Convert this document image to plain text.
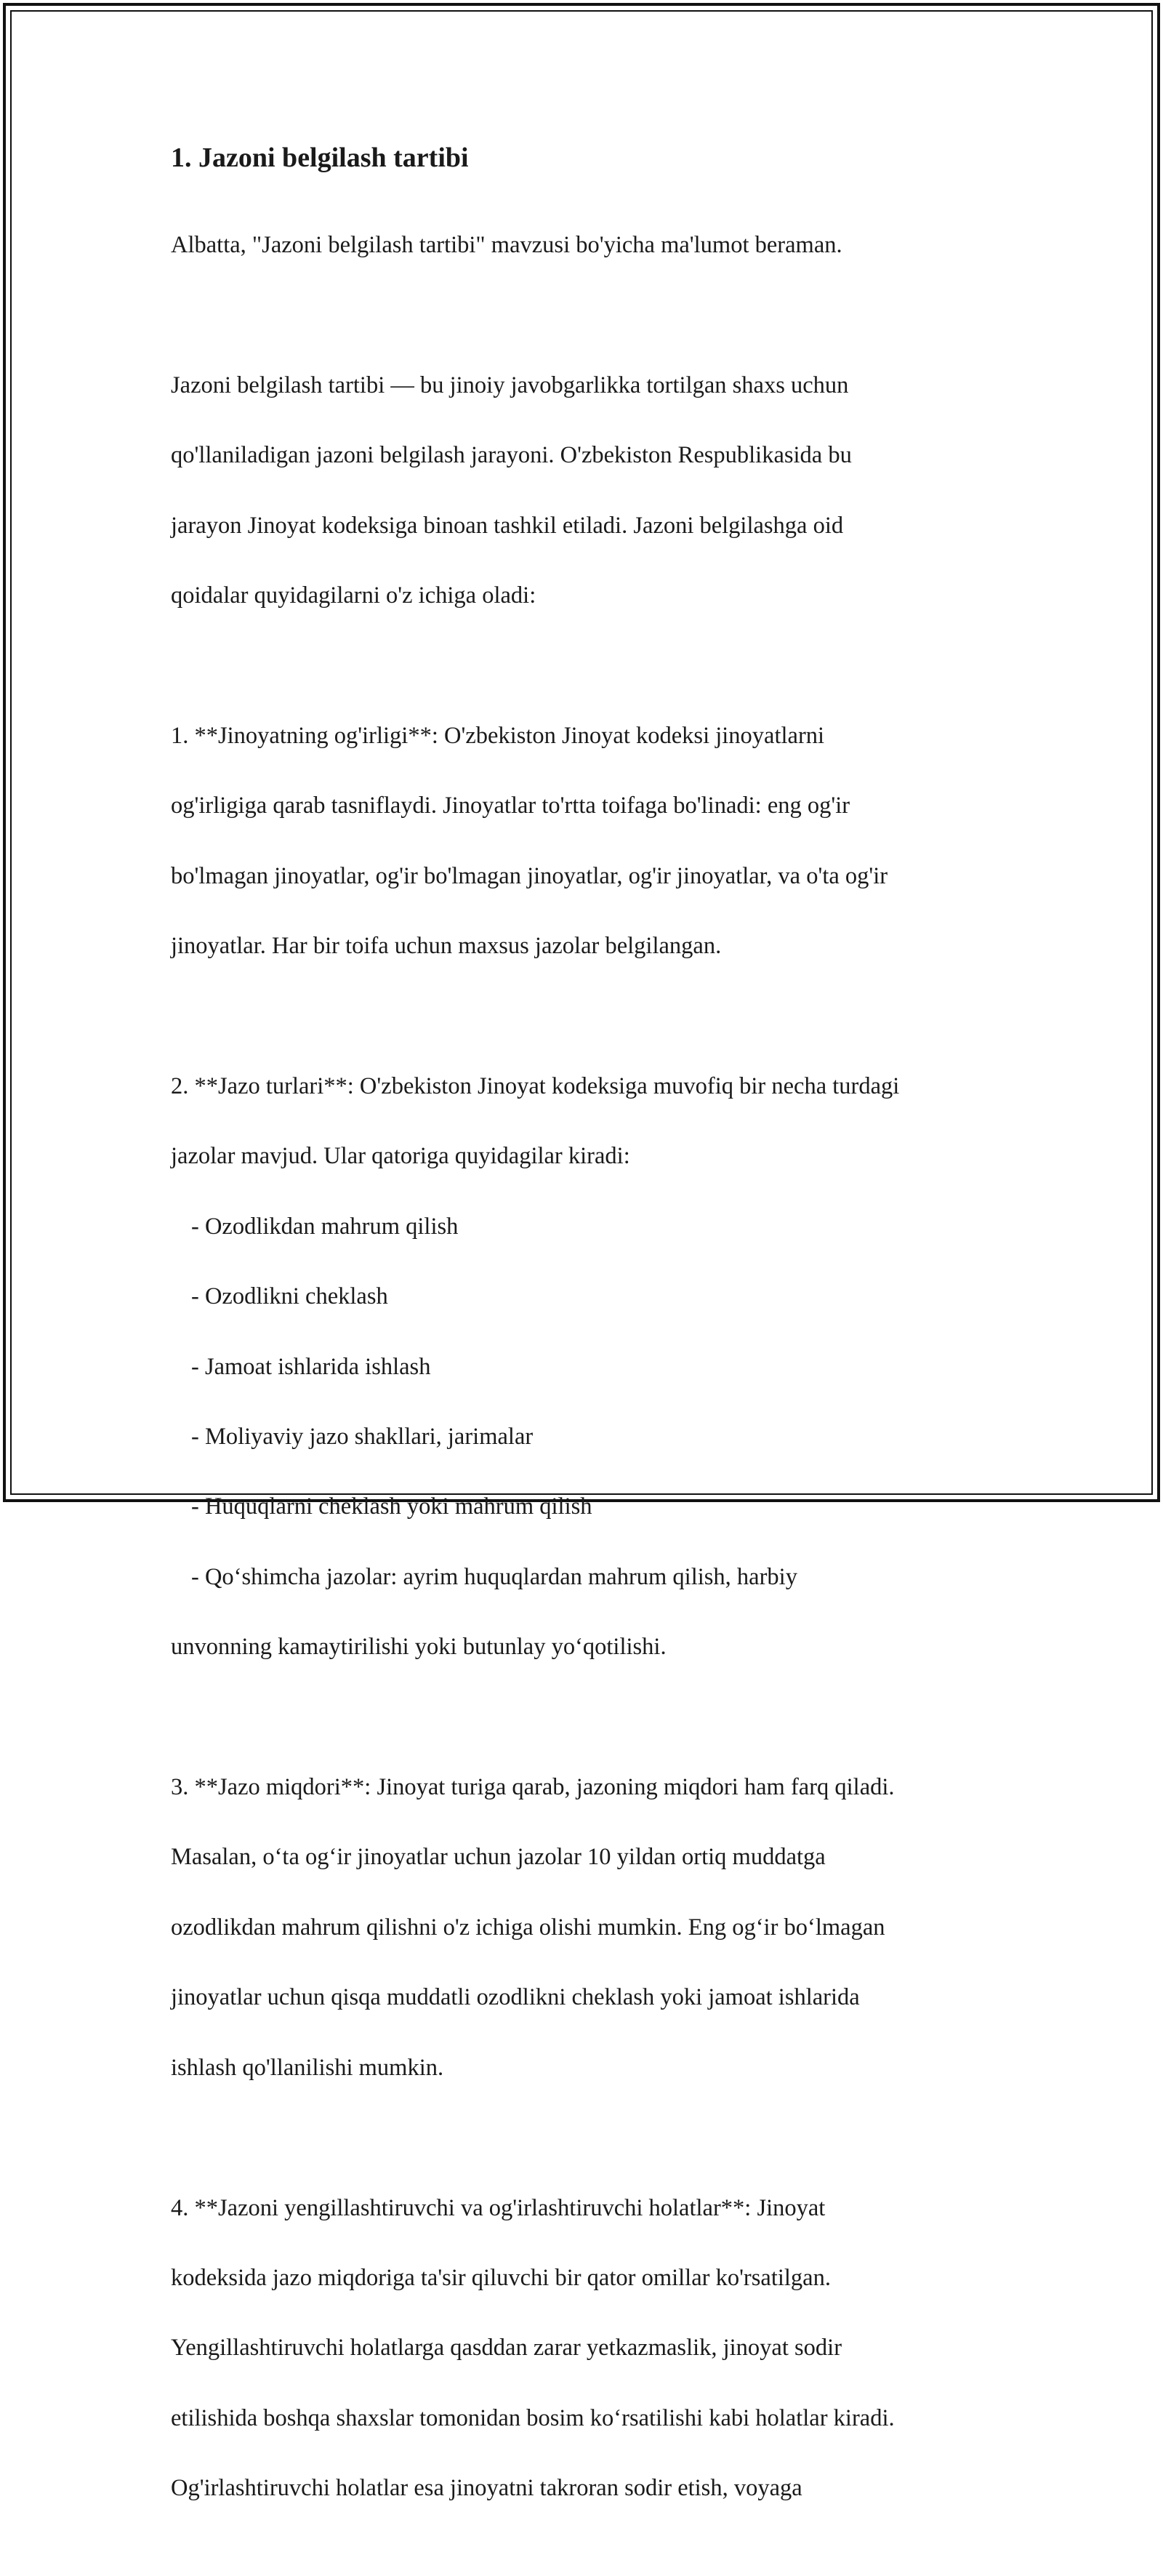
1. Jazoni belgilash tartibi

Albatta, "Jazoni belgilash tartibi" mavzusi bo'yicha ma'lumot beraman.

Jazoni belgilash tartibi — bu jinoiy javobgarlikka tortilgan shaxs uchun

qo'llaniladigan jazoni belgilash jarayoni. O'zbekiston Respublikasida bu

jarayon Jinoyat kodeksiga binoan tashkil etiladi. Jazoni belgilashga oid

qoidalar quyidagilarni o'z ichiga oladi:

1. **Jinoyatning og'irligi**: O'zbekiston Jinoyat kodeksi jinoyatlarni

og'irligiga qarab tasniflaydi. Jinoyatlar to'rtta toifaga bo'linadi: eng og'ir

bo'lmagan jinoyatlar, og'ir bo'lmagan jinoyatlar, og'ir jinoyatlar, va o'ta og'ir

jinoyatlar. Har bir toifa uchun maxsus jazolar belgilangan.

2. **Jazo turlari**: O'zbekiston Jinoyat kodeksiga muvofiq bir necha turdagi

jazolar mavjud. Ular qatoriga quyidagilar kiradi:

- Ozodlikdan mahrum qilish

- Ozodlikni cheklash

- Jamoat ishlarida ishlash

- Moliyaviy jazo shakllari, jarimalar

- Huquqlarni cheklash yoki mahrum qilish

- Qo‘shimcha jazolar: ayrim huquqlardan mahrum qilish, harbiy

unvonning kamaytirilishi yoki butunlay yo‘qotilishi.

3. **Jazo miqdori**: Jinoyat turiga qarab, jazoning miqdori ham farq qiladi.

Masalan, o‘ta og‘ir jinoyatlar uchun jazolar 10 yildan ortiq muddatga

ozodlikdan mahrum qilishni o'z ichiga olishi mumkin. Eng og‘ir bo‘lmagan

jinoyatlar uchun qisqa muddatli ozodlikni cheklash yoki jamoat ishlarida

ishlash qo'llanilishi mumkin.

4. **Jazoni yengillashtiruvchi va og'irlashtiruvchi holatlar**: Jinoyat

kodeksida jazo miqdoriga ta'sir qiluvchi bir qator omillar ko'rsatilgan.

Yengillashtiruvchi holatlarga qasddan zarar yetkazmaslik, jinoyat sodir

etilishida boshqa shaxslar tomonidan bosim ko‘rsatilishi kabi holatlar kiradi.

Og'irlashtiruvchi holatlar esa jinoyatni takroran sodir etish, voyaga
